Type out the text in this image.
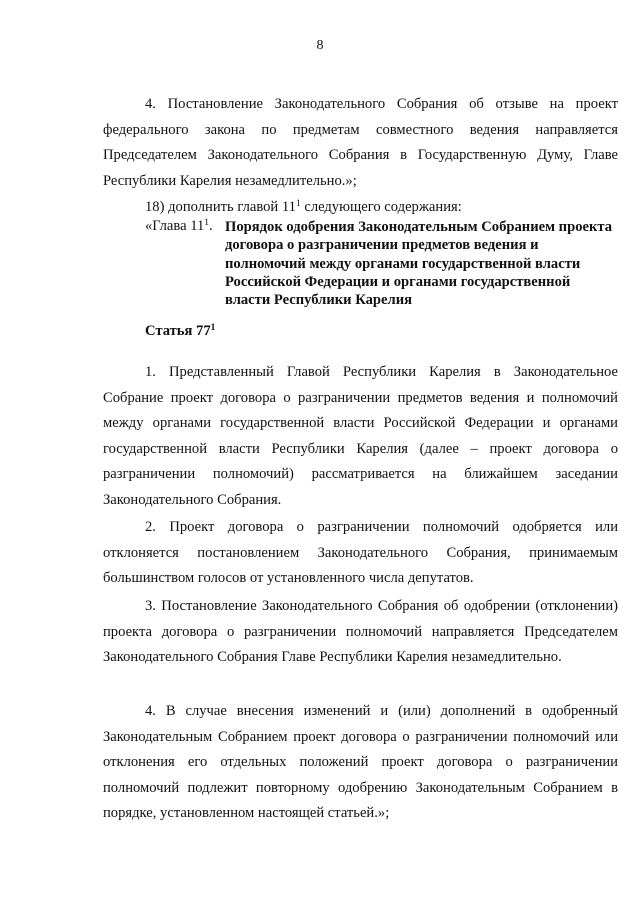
8

4. Постановление Законодательного Собрания об отзыве на проект федерального закона по предметам совместного ведения направляется Председателем Законодательного Собрания в Государственную Думу, Главе Республики Карелия незамедлительно.»;

18) дополнить главой $11^1$ следующего содержания:

«Глава $11^1$. Порядок одобрения Законодательным Собранием проекта договора о разграничении предметов ведения и полномочий между органами государственной власти Российской Федерации и органами государственной власти Республики Карелия

Статья $77^1$

1. Представленный Главой Республики Карелия в Законодательное Собрание проект договора о разграничении предметов ведения и полномочий между органами государственной власти Российской Федерации и органами государственной власти Республики Карелия (далее – проект договора о разграничении полномочий) рассматривается на ближайшем заседании Законодательного Собрания.

2. Проект договора о разграничении полномочий одобряется или отклоняется постановлением Законодательного Собрания, принимаемым большинством голосов от установленного числа депутатов.

3. Постановление Законодательного Собрания об одобрении (отклонении) проекта договора о разграничении полномочий направляется Председателем Законодательного Собрания Главе Республики Карелия незамедлительно.

4. В случае внесения изменений и (или) дополнений в одобренный Законодательным Собранием проект договора о разграничении полномочий или отклонения его отдельных положений проект договора о разграничении полномочий подлежит повторному одобрению Законодательным Собранием в порядке, установленном настоящей статьей.»;
